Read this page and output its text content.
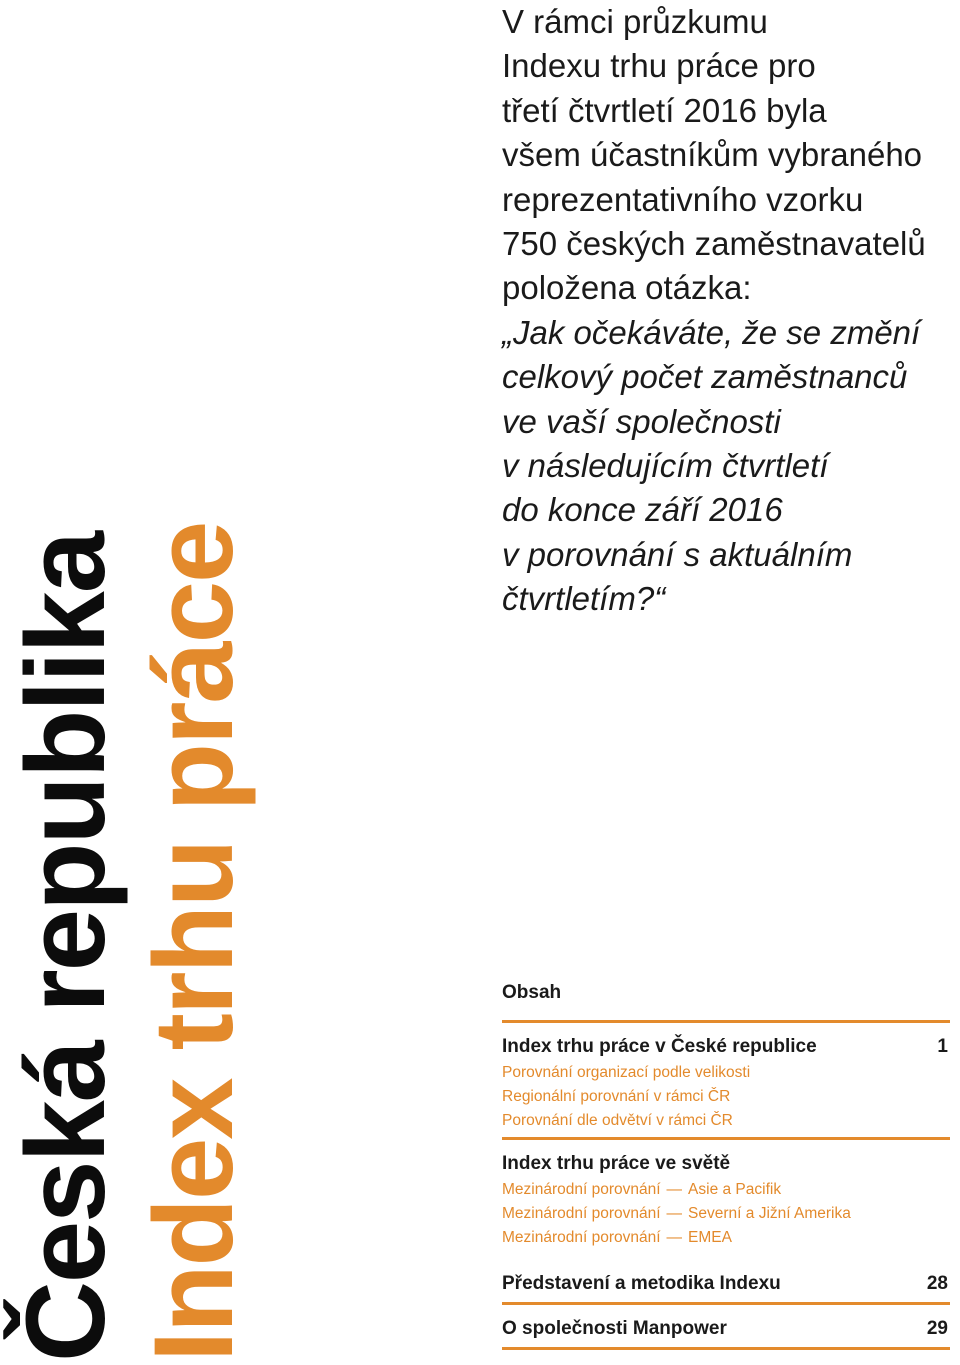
Česká republika Index trhu práce
V rámci průzkumu
Indexu trhu práce pro
třetí čtvrtletí 2016 byla
všem účastníkům vybraného
reprezentativního vzorku
750 českých zaměstnavatelů
položena otázka:
„Jak očekáváte, že se změní
celkový počet zaměstnanců
ve vaší společnosti
v následujícím čtvrtletí
do konce září 2016
v porovnání s aktuálním
čtvrtletím?“
Obsah
Index trhu práce v České republice	1
Porovnání organizací podle velikosti
Regionální porovnání v rámci ČR
Porovnání dle odvětví v rámci ČR
Index trhu práce ve světě
Mezinárodní porovnání — Asie a Pacifik
Mezinárodní porovnání — Severní a Jižní Amerika
Mezinárodní porovnání — EMEA
Představení a metodika Indexu	28
O společnosti Manpower	29
